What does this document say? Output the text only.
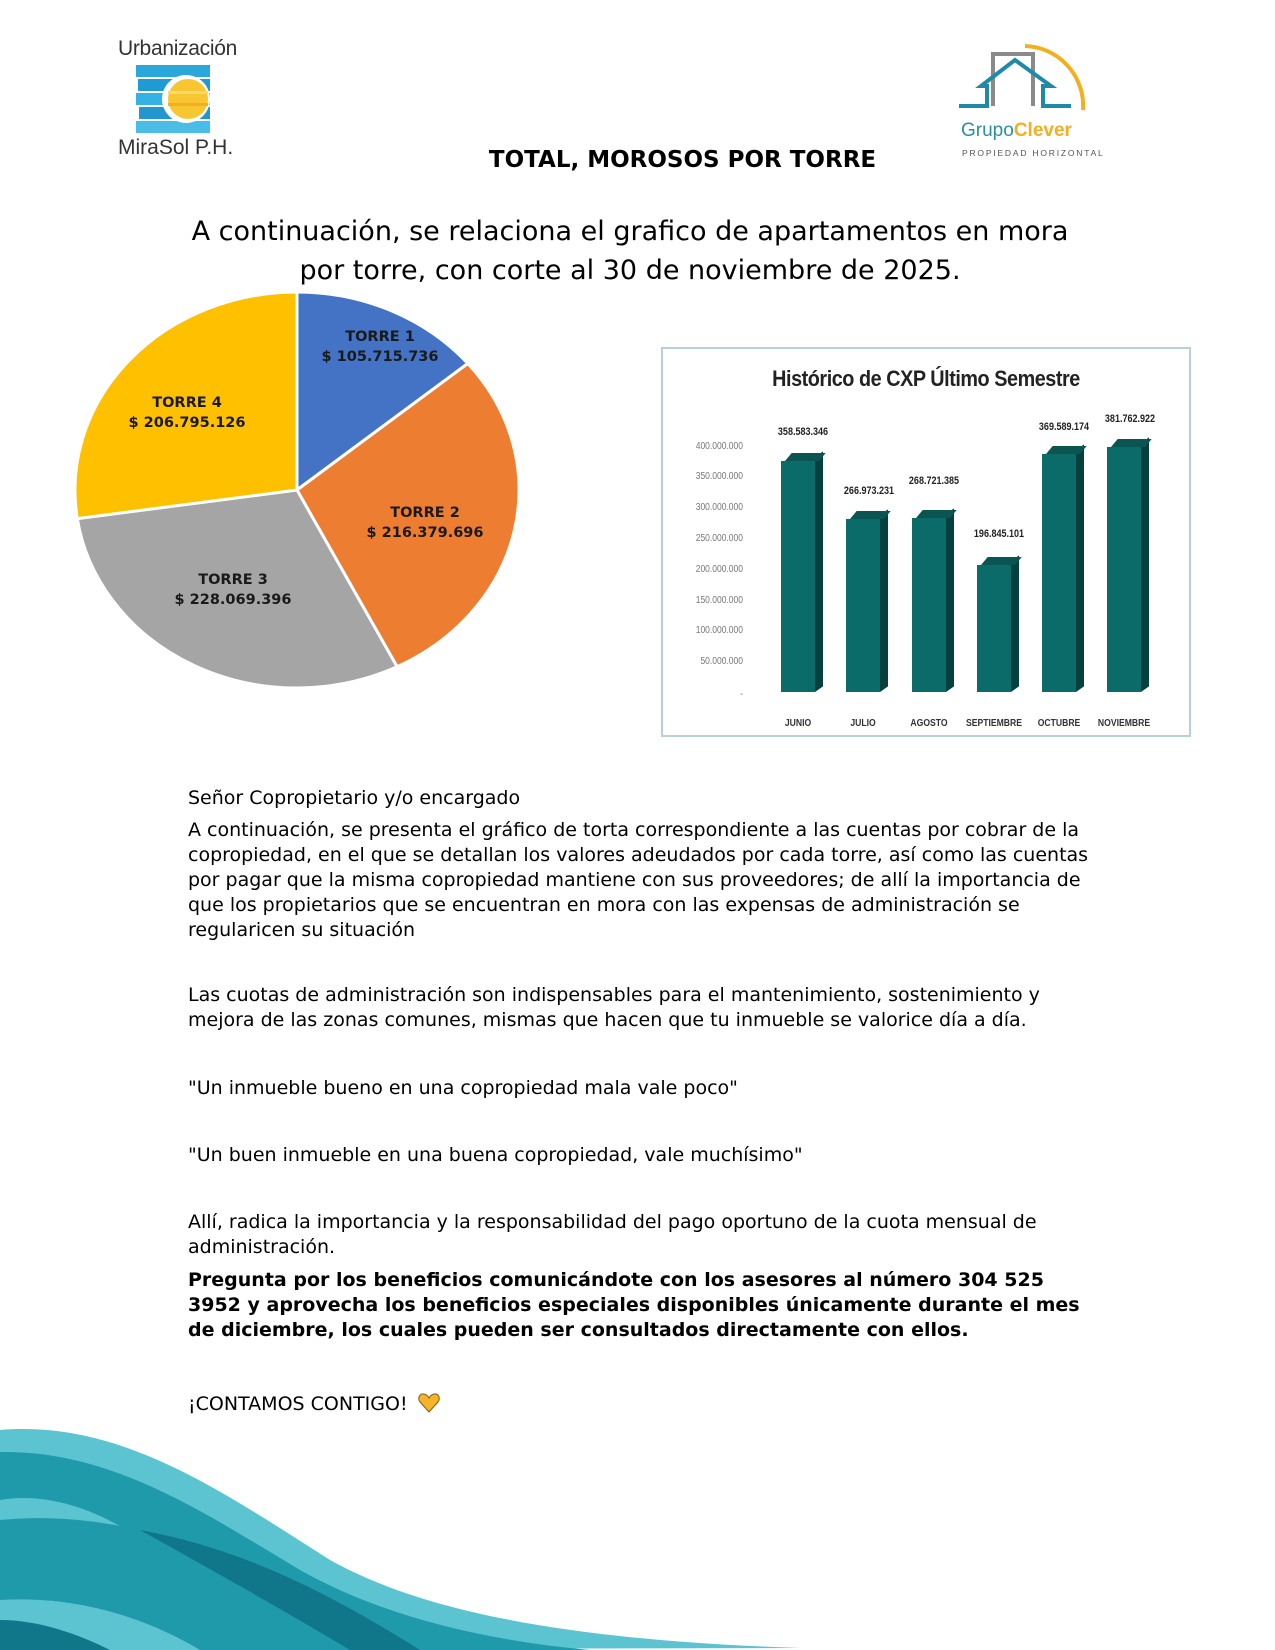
Urbanización
MiraSol P.H.
GrupoClever
PROPIEDAD HORIZONTAL
TOTAL, MOROSOS POR TORRE
A continuación, se relaciona el grafico de apartamentos en mora por torre, con corte al 30 de noviembre de 2025.
TORRE 1
$ 105.715.736
TORRE 2
$ 216.379.696
TORRE 3
$ 228.069.396
TORRE 4
$ 206.795.126
Histórico de CXP Último Semestre
400.000.000
350.000.000
300.000.000
250.000.000
200.000.000
150.000.000
100.000.000
50.000.000
-
358.583.346
266.973.231
268.721.385
196.845.101
369.589.174
381.762.922
JUNIO	JULIO	AGOSTO	SEPTIEMBRE	OCTUBRE	NOVIEMBRE
Señor Copropietario y/o encargado
A continuación, se presenta el gráfico de torta correspondiente a las cuentas por cobrar de la copropiedad, en el que se detallan los valores adeudados por cada torre, así como las cuentas por pagar que la misma copropiedad mantiene con sus proveedores; de allí la importancia de que los propietarios que se encuentran en mora con las expensas de administración se regularicen su situación
Las cuotas de administración son indispensables para el mantenimiento, sostenimiento y mejora de las zonas comunes, mismas que hacen que tu inmueble se valorice día a día.
"Un inmueble bueno en una copropiedad mala vale poco"
"Un buen inmueble en una buena copropiedad, vale muchísimo"
Allí, radica la importancia y la responsabilidad del pago oportuno de la cuota mensual de administración.
Pregunta por los beneficios comunicándote con los asesores al número 304 525 3952 y aprovecha los beneficios especiales disponibles únicamente durante el mes de diciembre, los cuales pueden ser consultados directamente con ellos.
¡CONTAMOS CONTIGO!
